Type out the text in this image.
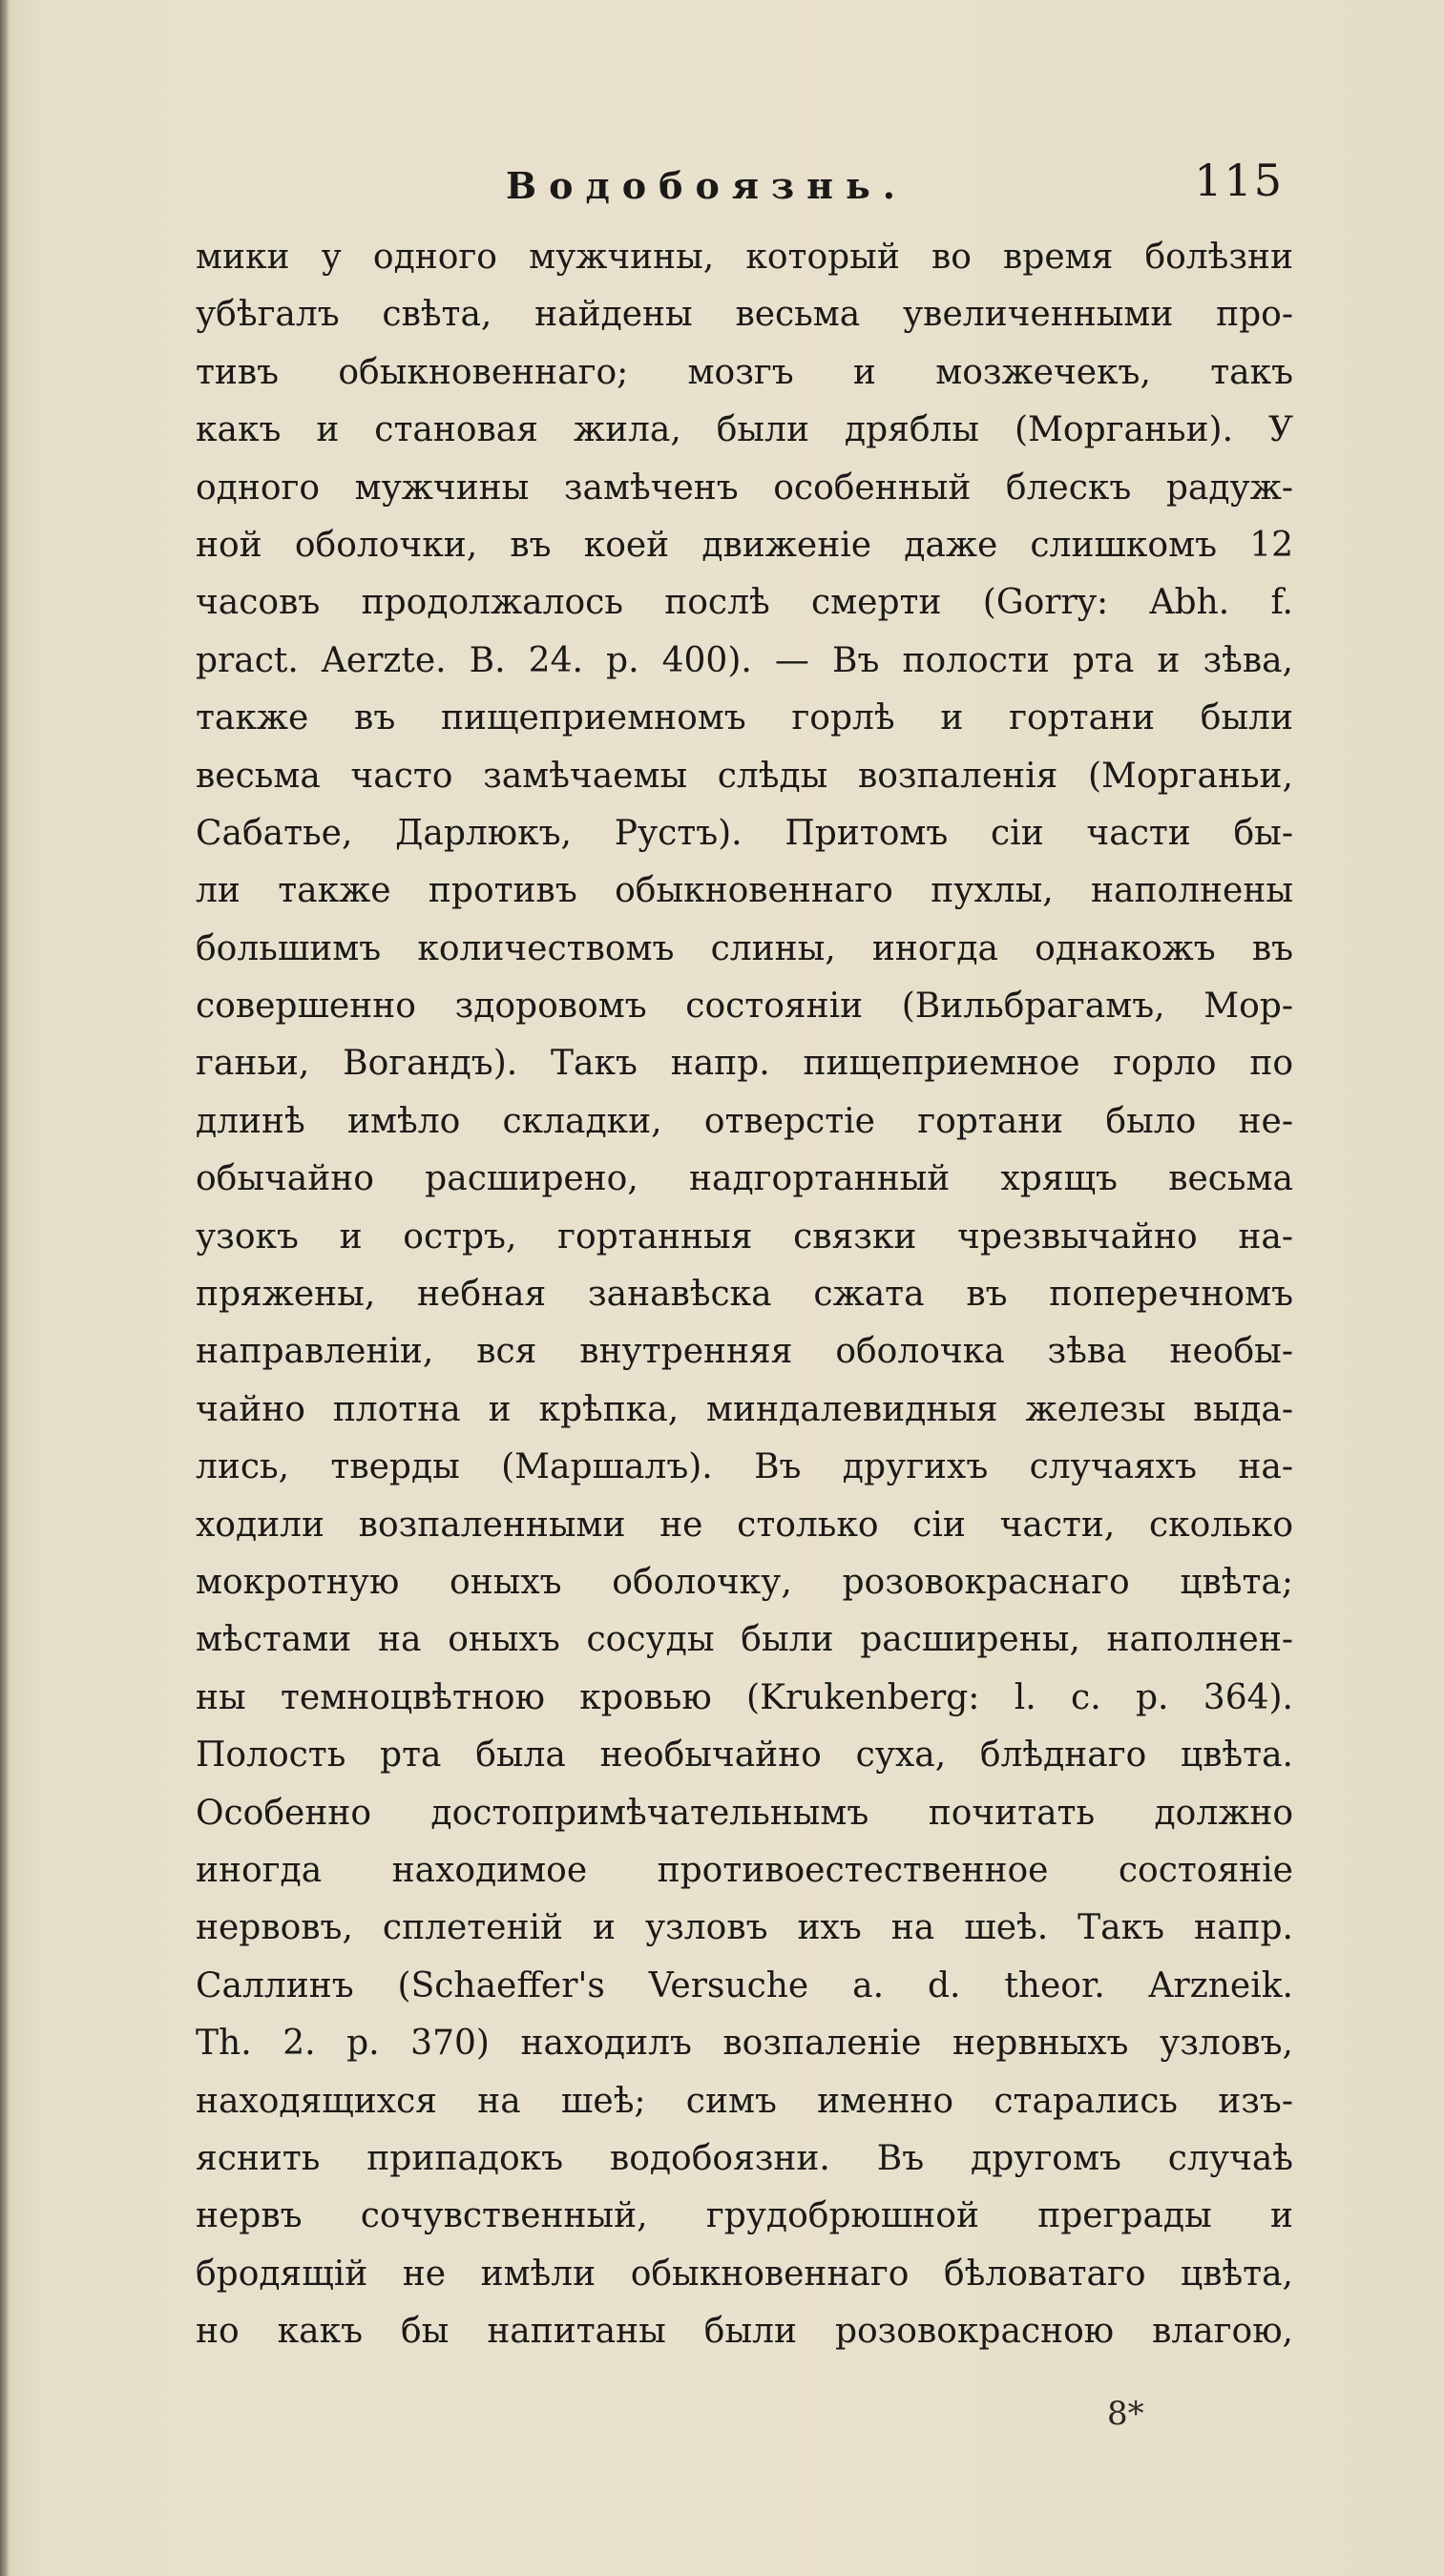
Водобоязнь.	115
мики у одного мужчины, который во время болѣзни
убѣгалъ свѣта, найдены весьма увеличенными про-
тивъ обыкновеннаго; мозгъ и мозжечекъ, такъ
какъ и становая жила, были дряблы (Морганьи). У
одного мужчины замѣченъ особенный блескъ радуж-
ной оболочки, въ коей движеніе даже слишкомъ 12
часовъ продолжалось послѣ смерти (Gorry: Abh. f.
pract. Aerzte. B. 24. p. 400). — Въ полости рта и зѣва,
также въ пищеприемномъ горлѣ и гортани были
весьма часто замѣчаемы слѣды возпаленія (Морганьи,
Сабатье, Дарлюкъ, Рустъ). Притомъ сіи части бы-
ли также противъ обыкновеннаго пухлы, наполнены
большимъ количествомъ слины, иногда однакожъ въ
совершенно здоровомъ состояніи (Вильбрагамъ, Мор-
ганьи, Вогандъ). Такъ напр. пищеприемное горло по
длинѣ имѣло складки, отверстіе гортани было не-
обычайно расширено, надгортанный хрящъ весьма
узокъ и остръ, гортанныя связки чрезвычайно на-
пряжены, небная занавѣска сжата въ поперечномъ
направленіи, вся внутренняя оболочка зѣва необы-
чайно плотна и крѣпка, миндалевидныя железы выда-
лись, тверды (Маршалъ). Въ другихъ случаяхъ на-
ходили возпаленными не столько сіи части, сколько
мокротную оныхъ оболочку, розовокраснаго цвѣта;
мѣстами на оныхъ сосуды были расширены, наполнен-
ны темноцвѣтною кровью (Krukenberg: l. c. p. 364).
Полость рта была необычайно суха, блѣднаго цвѣта.
Особенно достопримѣчательнымъ почитать должно
иногда находимое противоестественное состояніе
нервовъ, сплетеній и узловъ ихъ на шеѣ. Такъ напр.
Саллинъ (Schaeffer's Versuche a. d. theor. Arzneik.
Th. 2. p. 370) находилъ возпаленіе нервныхъ узловъ,
находящихся на шеѣ; симъ именно старались изъ-
яснить припадокъ водобоязни. Въ другомъ случаѣ
нервъ сочувственный, грудобрюшной преграды и
бродящій не имѣли обыкновеннаго бѣловатаго цвѣта,
но какъ бы напитаны были розовокрасною влагою,
8*
